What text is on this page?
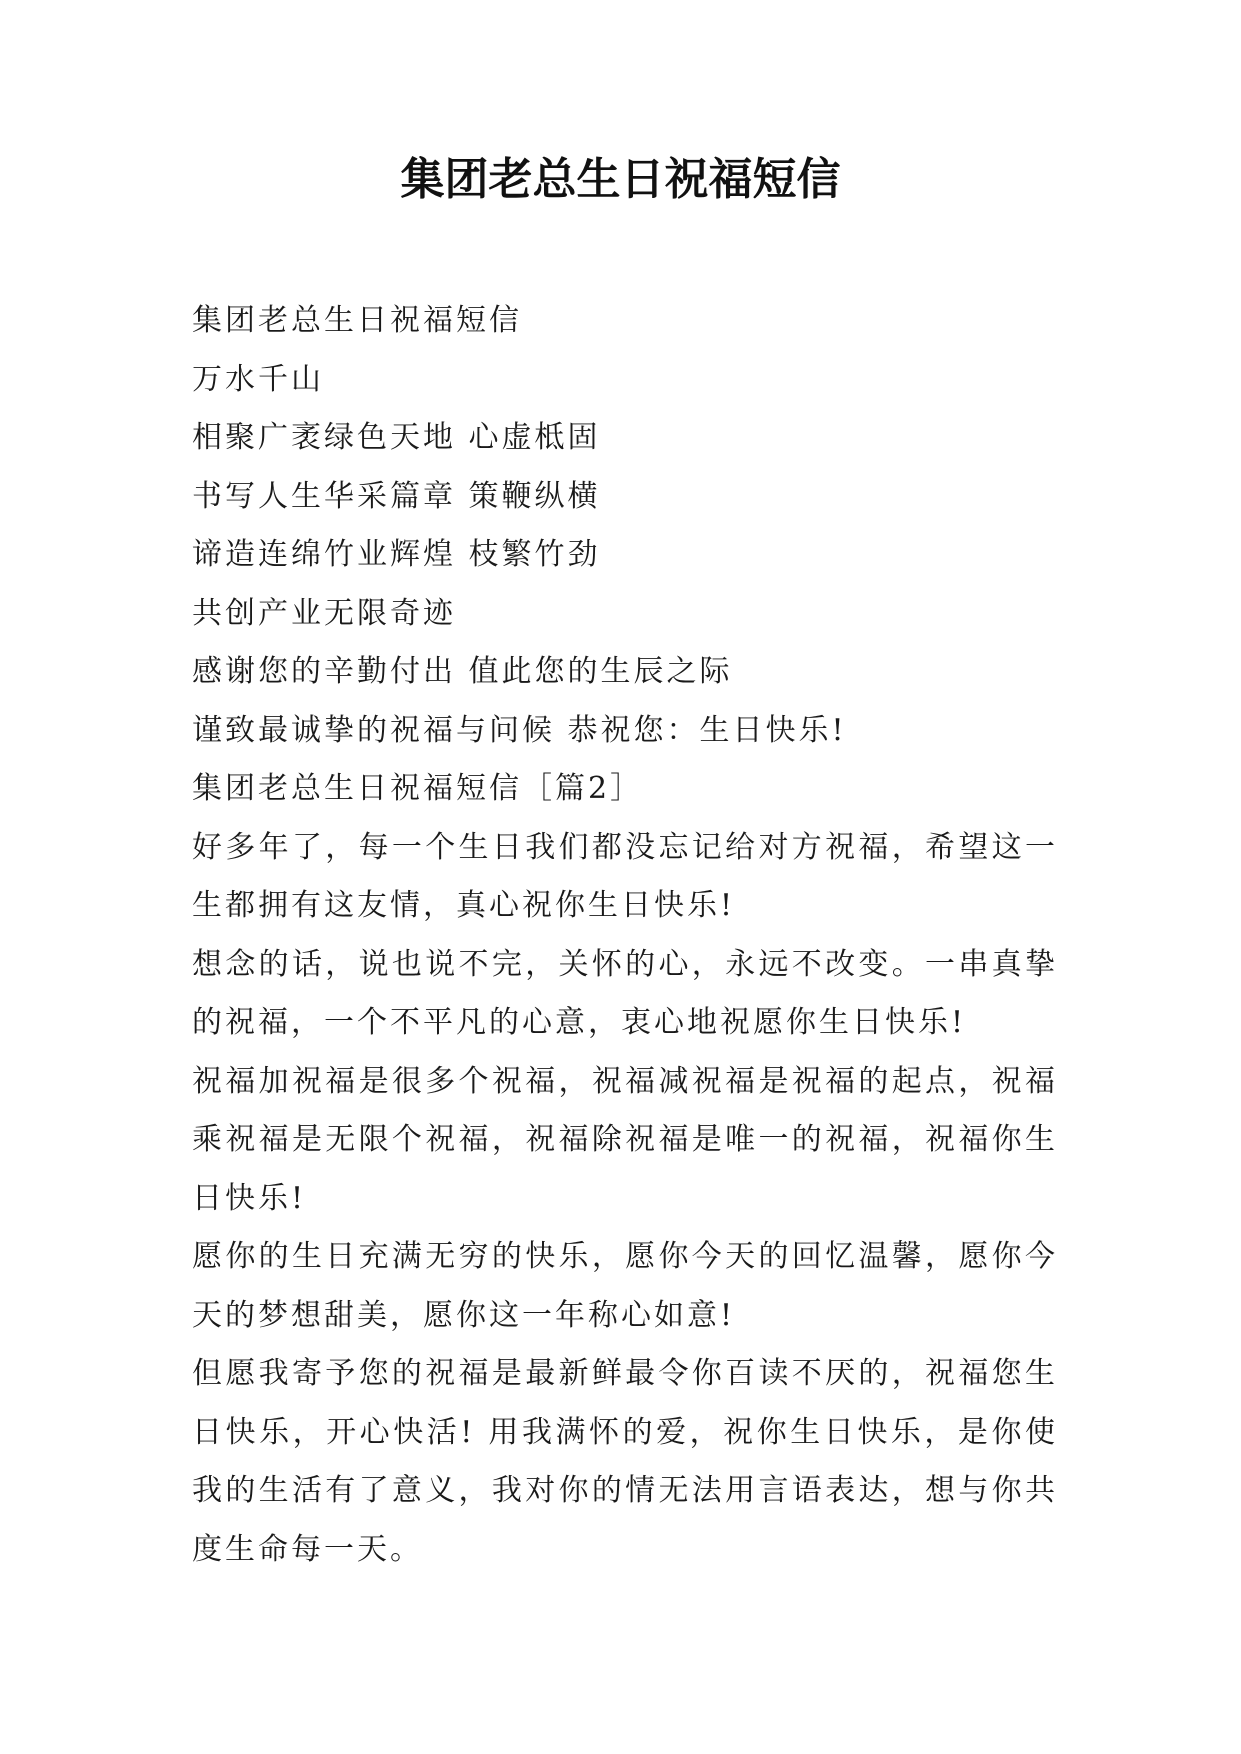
集团老总生日祝福短信

集团老总生日祝福短信

万水千山

相聚广袤绿色天地 心虚柢固

书写人生华采篇章 策鞭纵横

谛造连绵竹业辉煌 枝繁竹劲

共创产业无限奇迹

感谢您的辛勤付出 值此您的生辰之际

谨致最诚挚的祝福与问候 恭祝您：生日快乐!

集团老总生日祝福短信［篇2］

好多年了，每一个生日我们都没忘记给对方祝福，希望这一生都拥有这友情，真心祝你生日快乐!

想念的话，说也说不完，关怀的心，永远不改变。一串真挚的祝福，一个不平凡的心意，衷心地祝愿你生日快乐!

祝福加祝福是很多个祝福，祝福减祝福是祝福的起点，祝福乘祝福是无限个祝福，祝福除祝福是唯一的祝福，祝福你生日快乐!

愿你的生日充满无穷的快乐，愿你今天的回忆温馨，愿你今天的梦想甜美，愿你这一年称心如意!

但愿我寄予您的祝福是最新鲜最令你百读不厌的，祝福您生日快乐，开心快活! 用我满怀的爱，祝你生日快乐，是你使我的生活有了意义，我对你的情无法用言语表达，想与你共度生命每一天。
